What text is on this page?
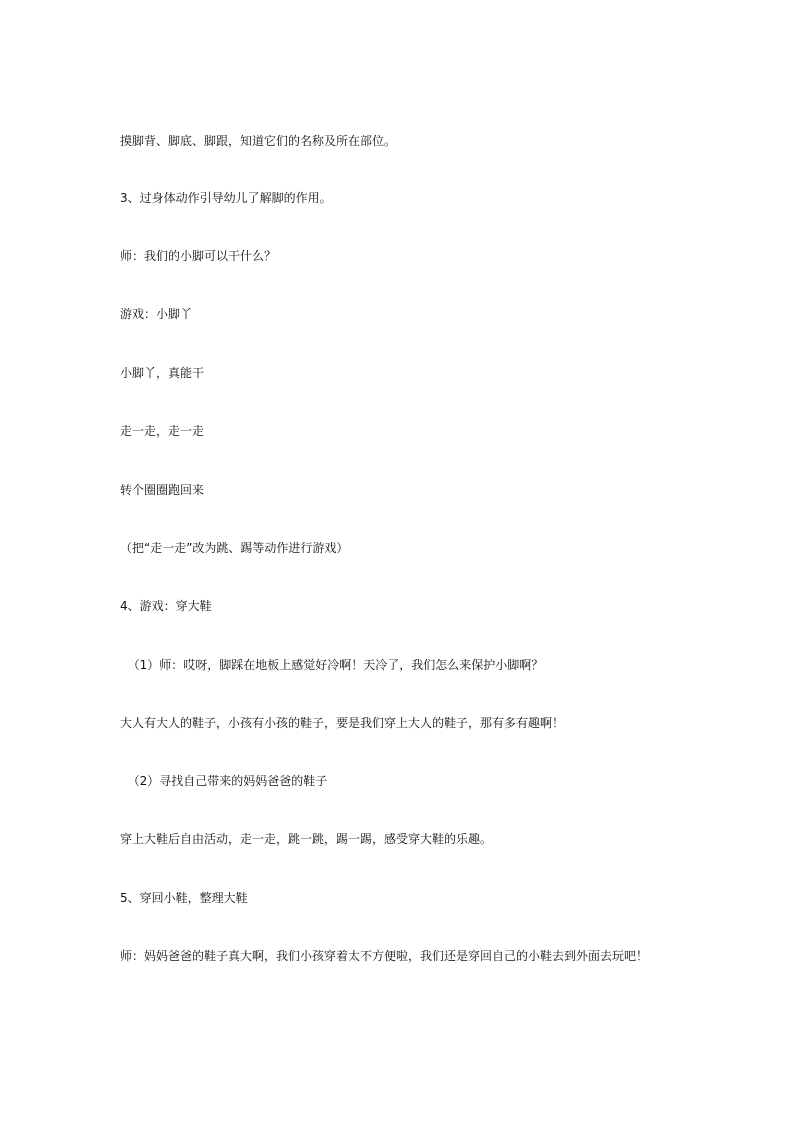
摸脚背、脚底、脚跟，知道它们的名称及所在部位。

3、过身体动作引导幼儿了解脚的作用。

师：我们的小脚可以干什么？

游戏：小脚丫

小脚丫，真能干

走一走，走一走

转个圈圈跑回来

（把“走一走”改为跳、踢等动作进行游戏）

4、游戏：穿大鞋

（1）师：哎呀，脚踩在地板上感觉好冷啊！天冷了，我们怎么来保护小脚啊？

大人有大人的鞋子，小孩有小孩的鞋子，要是我们穿上大人的鞋子，那有多有趣啊！

（2）寻找自己带来的妈妈爸爸的鞋子

穿上大鞋后自由活动，走一走，跳一跳，踢一踢，感受穿大鞋的乐趣。

5、穿回小鞋，整理大鞋

师：妈妈爸爸的鞋子真大啊，我们小孩穿着太不方便啦，我们还是穿回自己的小鞋去到外面去玩吧！
